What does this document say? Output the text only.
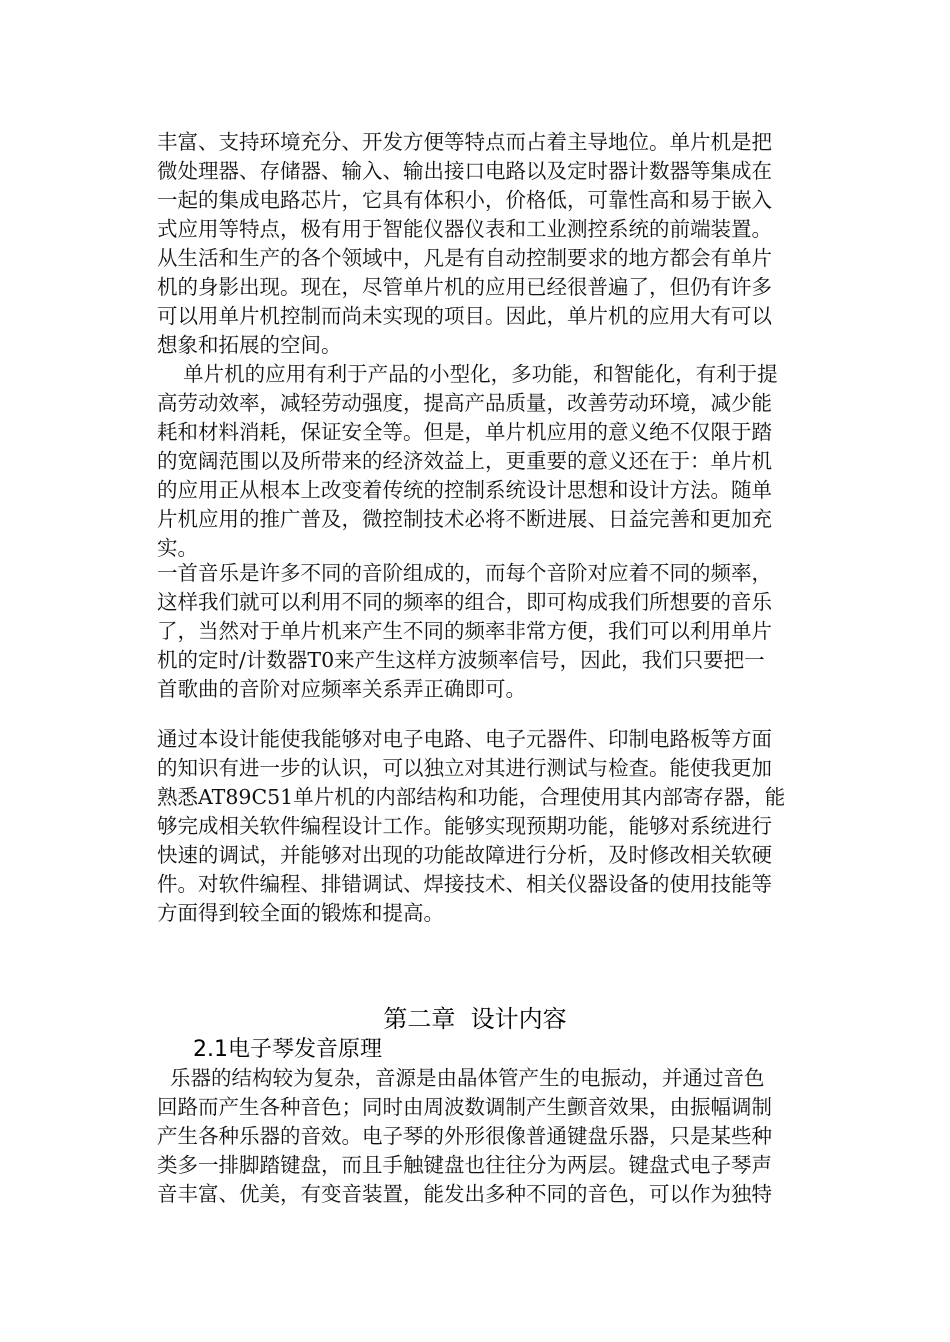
丰富、支持环境充分、开发方便等特点而占着主导地位。单片机是把

微处理器、存储器、输入、输出接口电路以及定时器计数器等集成在

一起的集成电路芯片，它具有体积小，价格低，可靠性高和易于嵌入

式应用等特点，极有用于智能仪器仪表和工业测控系统的前端装置。

从生活和生产的各个领域中，凡是有自动控制要求的地方都会有单片

机的身影出现。现在，尽管单片机的应用已经很普遍了，但仍有许多

可以用单片机控制而尚未实现的项目。因此，单片机的应用大有可以

想象和拓展的空间。

单片机的应用有利于产品的小型化，多功能，和智能化，有利于提

高劳动效率，减轻劳动强度，提高产品质量，改善劳动环境，减少能

耗和材料消耗，保证安全等。但是，单片机应用的意义绝不仅限于踏

的宽阔范围以及所带来的经济效益上，更重要的意义还在于：单片机

的应用正从根本上改变着传统的控制系统设计思想和设计方法。随单

片机应用的推广普及，微控制技术必将不断进展、日益完善和更加充

实。

一首音乐是许多不同的音阶组成的，而每个音阶对应着不同的频率，

这样我们就可以利用不同的频率的组合，即可构成我们所想要的音乐

了，当然对于单片机来产生不同的频率非常方便，我们可以利用单片

机的定时/计数器T0来产生这样方波频率信号，因此，我们只要把一

首歌曲的音阶对应频率关系弄正确即可。

通过本设计能使我能够对电子电路、电子元器件、印制电路板等方面

的知识有进一步的认识，可以独立对其进行测试与检查。能使我更加

熟悉AT89C51单片机的内部结构和功能，合理使用其内部寄存器，能

够完成相关软件编程设计工作。能够实现预期功能，能够对系统进行

快速的调试，并能够对出现的功能故障进行分析，及时修改相关软硬

件。对软件编程、排错调试、焊接技术、相关仪器设备的使用技能等

方面得到较全面的锻炼和提高。

第二章  设计内容
2.1电子琴发音原理

乐器的结构较为复杂，音源是由晶体管产生的电振动，并通过音色

回路而产生各种音色；同时由周波数调制产生颤音效果，由振幅调制

产生各种乐器的音效。电子琴的外形很像普通键盘乐器，只是某些种

类多一排脚踏键盘，而且手触键盘也往往分为两层。键盘式电子琴声

音丰富、优美，有变音装置，能发出多种不同的音色，可以作为独特
